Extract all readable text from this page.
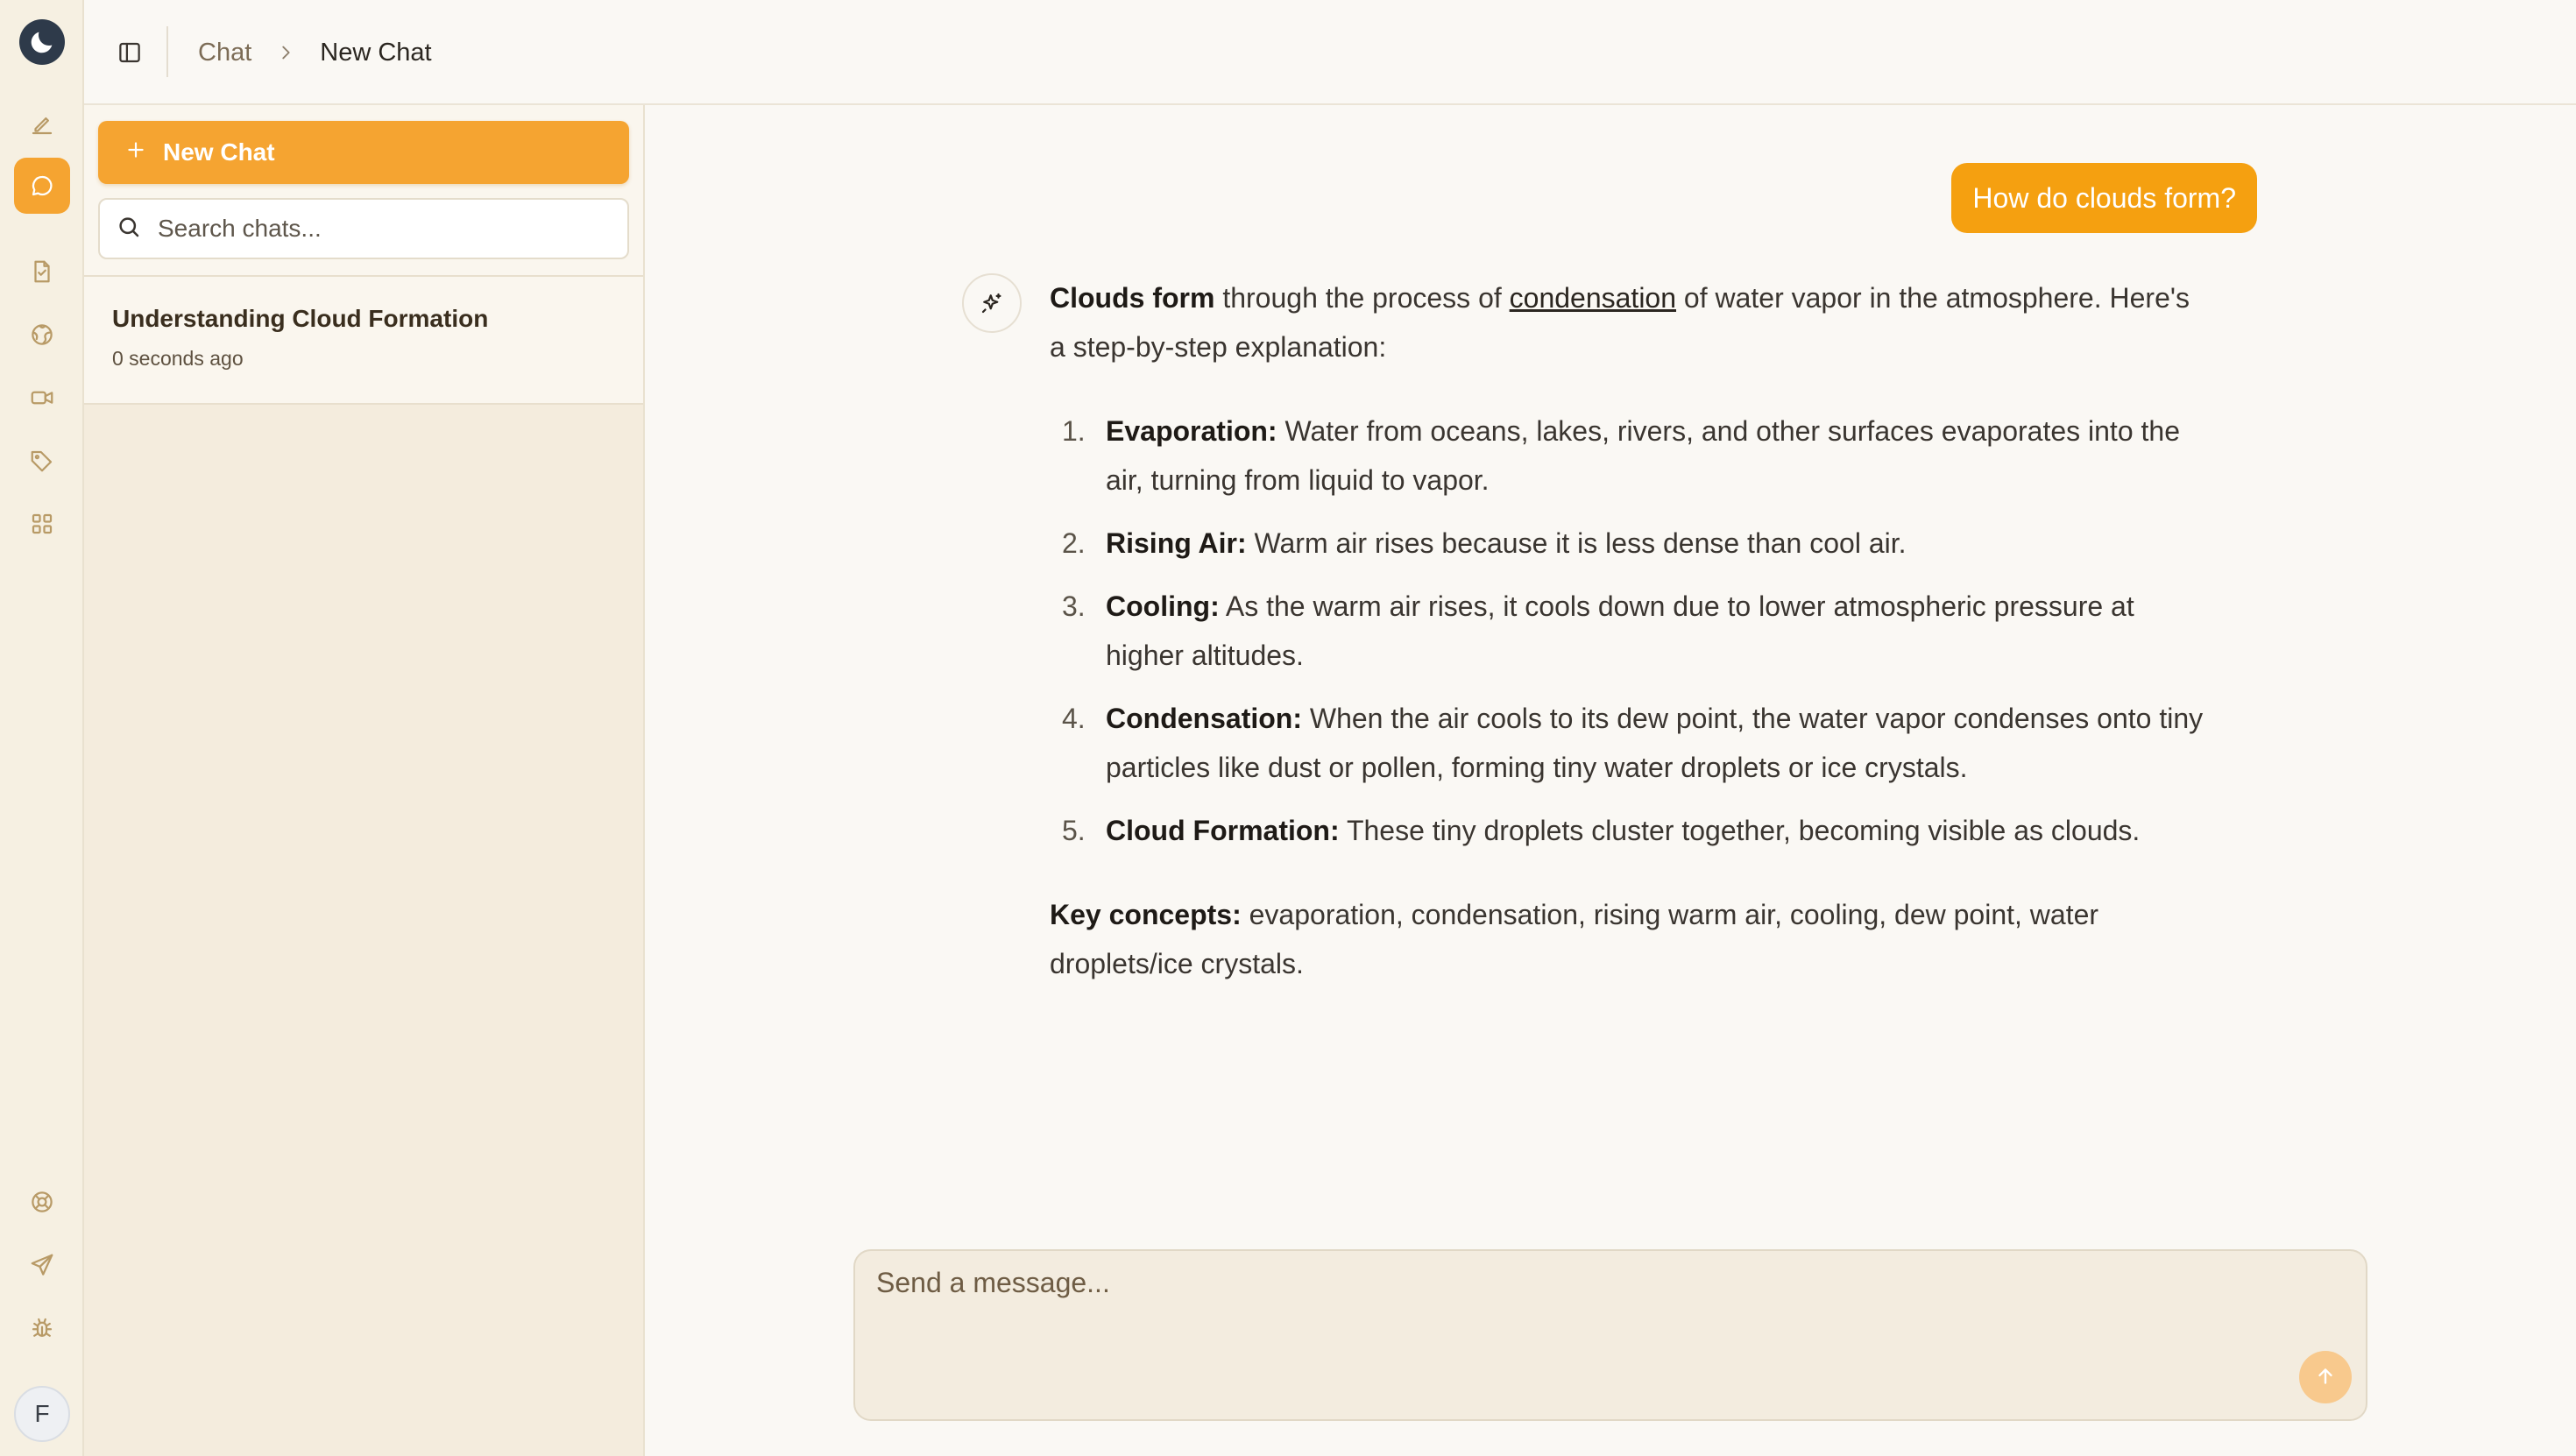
F
Chat	New Chat
New Chat
Search chats...
Understanding Cloud Formation
0 seconds ago
How do clouds form?

Clouds form through the process of condensation of water vapor in the atmosphere. Here's a step-by-step explanation:

1. Evaporation: Water from oceans, lakes, rivers, and other surfaces evaporates into the air, turning from liquid to vapor.
2. Rising Air: Warm air rises because it is less dense than cool air.
3. Cooling: As the warm air rises, it cools down due to lower atmospheric pressure at higher altitudes.
4. Condensation: When the air cools to its dew point, the water vapor condenses onto tiny particles like dust or pollen, forming tiny water droplets or ice crystals.
5. Cloud Formation: These tiny droplets cluster together, becoming visible as clouds.

Key concepts: evaporation, condensation, rising warm air, cooling, dew point, water droplets/ice crystals.

Send a message...
